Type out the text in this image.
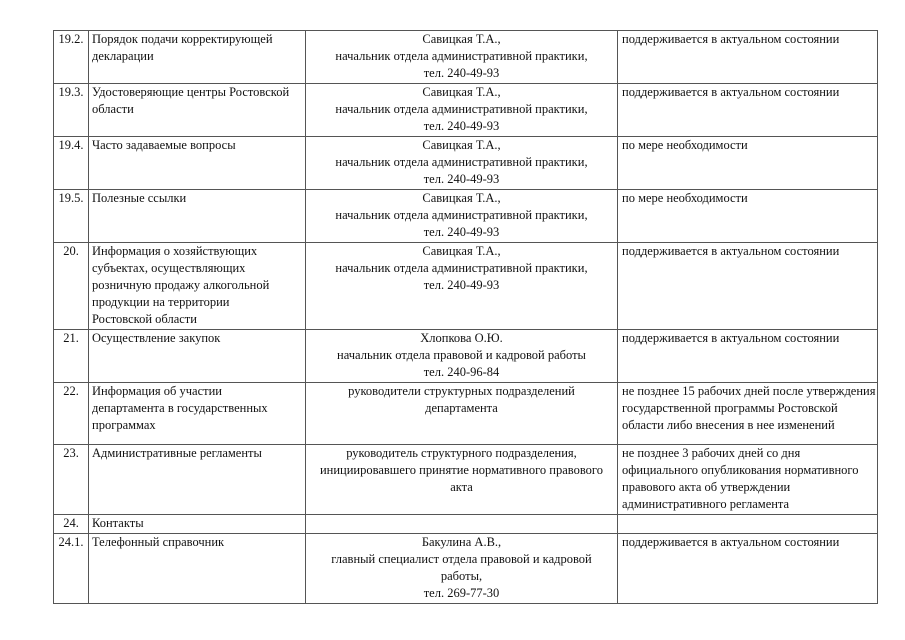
19.2.	Порядок подачи корректирующей
декларации	Савицкая Т.А.,
начальник отдела административной практики,
тел. 240-49-93	поддерживается в актуальном состоянии

19.3.	Удостоверяющие центры Ростовской
области	Савицкая Т.А.,
начальник отдела административной практики,
тел. 240-49-93	поддерживается в актуальном состоянии

19.4.	Часто задаваемые вопросы	Савицкая Т.А.,
начальник отдела административной практики,
тел. 240-49-93	по мере необходимости

19.5.	Полезные ссылки	Савицкая Т.А.,
начальник отдела административной практики,
тел. 240-49-93	по мере необходимости

20.	Информация о хозяйствующих
субъектах, осуществляющих
розничную продажу алкогольной
продукции на территории
Ростовской области	Савицкая Т.А.,
начальник отдела административной практики,
тел. 240-49-93	поддерживается в актуальном состоянии

21.	Осуществление закупок	Хлопкова О.Ю.
начальник отдела правовой и кадровой работы
тел. 240-96-84	поддерживается в актуальном состоянии

22.	Информация об участии
департамента в государственных
программах	руководители структурных подразделений
департамента	не позднее 15 рабочих дней после утверждения
государственной программы Ростовской
области либо внесения в нее изменений

23.	Административные регламенты	руководитель структурного подразделения,
инициировавшего принятие нормативного правового
акта	не позднее 3 рабочих дней со дня
официального опубликования нормативного
правового акта об утверждении
административного регламента

24.	Контакты		

24.1.	Телефонный справочник	Бакулина А.В.,
главный специалист отдела правовой и кадровой
работы,
тел. 269-77-30	поддерживается в актуальном состоянии
